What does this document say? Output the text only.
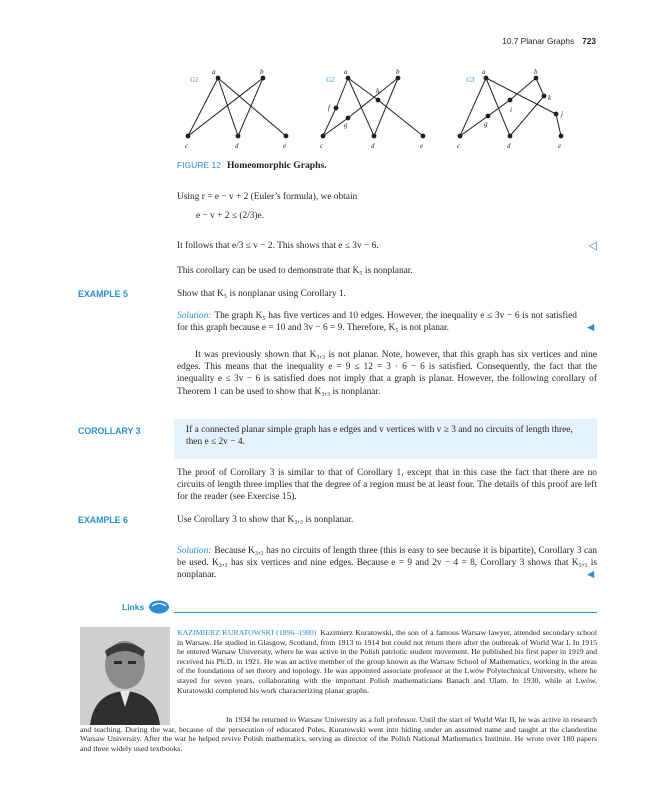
10.7 Planar Graphs 723
G1
a	b
c	d	e
G2
a	b
c	d	e
f
g
h
G3
a	b
c	d	e
g
i	j
k
FIGURE 12 Homeomorphic Graphs.
Using r = e − v + 2 (Euler’s formula), we obtain
e − v + 2 ≤ (2/3)e.
It follows that e/3 ≤ v − 2. This shows that e ≤ 3v − 6.	◁
This corollary can be used to demonstrate that K₅ is nonplanar.
EXAMPLE 5	Show that K₅ is nonplanar using Corollary 1.
Solution: The graph K₅ has five vertices and 10 edges. However, the inequality e ≤ 3v − 6 is not satisfied for this graph because e = 10 and 3v − 6 = 9. Therefore, K₅ is not planar.	◀
It was previously shown that K₃,₃ is not planar. Note, however, that this graph has six vertices and nine edges. This means that the inequality e = 9 ≤ 12 = 3 · 6 − 6 is satisfied. Consequently, the fact that the inequality e ≤ 3v − 6 is satisfied does not imply that a graph is planar. However, the following corollary of Theorem 1 can be used to show that K₃,₃ is nonplanar.
COROLLARY 3	If a connected planar simple graph has e edges and v vertices with v ≥ 3 and no circuits of length three, then e ≤ 2v − 4.
The proof of Corollary 3 is similar to that of Corollary 1, except that in this case the fact that there are no circuits of length three implies that the degree of a region must be at least four. The details of this proof are left for the reader (see Exercise 15).
EXAMPLE 6	Use Corollary 3 to show that K₃,₃ is nonplanar.
Solution: Because K₃,₃ has no circuits of length three (this is easy to see because it is bipartite), Corollary 3 can be used. K₃,₃ has six vertices and nine edges. Because e = 9 and 2v − 4 = 8, Corollary 3 shows that K₃,₃ is nonplanar.	◀
Links
KAZIMIERZ KURATOWSKI (1896–1980) Kazimierz Kuratowski, the son of a famous Warsaw lawyer, attended secondary school in Warsaw. He studied in Glasgow, Scotland, from 1913 to 1914 but could not return there after the outbreak of World War I. In 1915 he entered Warsaw University, where he was active in the Polish patriotic student movement. He published his first paper in 1919 and received his Ph.D. in 1921. He was an active member of the group known as the Warsaw School of Mathematics, working in the areas of the foundations of set theory and topology. He was appointed associate professor at the Lwów Polytechnical University, where he stayed for seven years, collaborating with the important Polish mathematicians Banach and Ulam. In 1930, while at Lwów, Kuratowski completed his work characterizing planar graphs.
In 1934 he returned to Warsaw University as a full professor. Until the start of World War II, he was active in research and teaching. During the war, because of the persecution of educated Poles, Kuratowski went into hiding under an assumed name and taught at the clandestine Warsaw University. After the war he helped revive Polish mathematics, serving as director of the Polish National Mathematics Institute. He wrote over 180 papers and three widely used textbooks.
